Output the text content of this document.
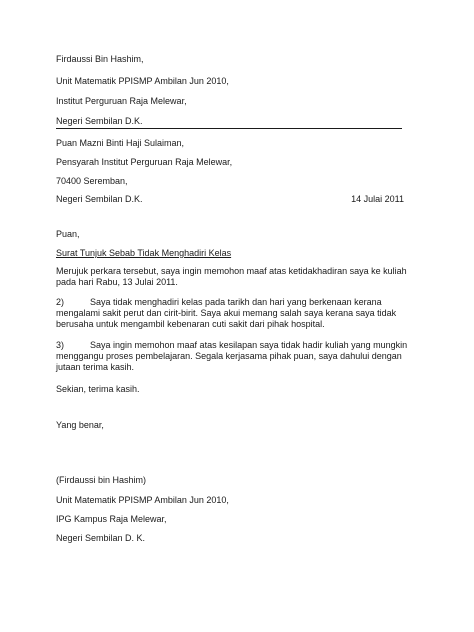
Firdaussi Bin Hashim,
Unit Matematik PPISMP Ambilan Jun 2010,
Institut Perguruan Raja Melewar,
Negeri Sembilan D.K.
Puan Mazni Binti Haji Sulaiman,
Pensyarah Institut Perguruan Raja Melewar,
70400 Seremban,
Negeri Sembilan D.K.	14 Julai 2011
Puan,
Surat Tunjuk Sebab Tidak Menghadiri Kelas
Merujuk perkara tersebut, saya ingin memohon maaf atas ketidakhadiran saya ke kuliah pada hari Rabu, 13 Julai 2011.
2)	Saya tidak menghadiri kelas pada tarikh dan hari yang berkenaan kerana mengalami sakit perut dan cirit-birit. Saya akui memang salah saya kerana saya tidak berusaha untuk mengambil kebenaran cuti sakit dari pihak hospital.
3)	Saya ingin memohon maaf atas kesilapan saya tidak hadir kuliah yang mungkin menggangu proses pembelajaran. Segala kerjasama pihak puan, saya dahului dengan jutaan terima kasih.
Sekian, terima kasih.
Yang benar,
(Firdaussi bin Hashim)
Unit Matematik PPISMP Ambilan Jun 2010,
IPG Kampus Raja Melewar,
Negeri Sembilan D. K.
